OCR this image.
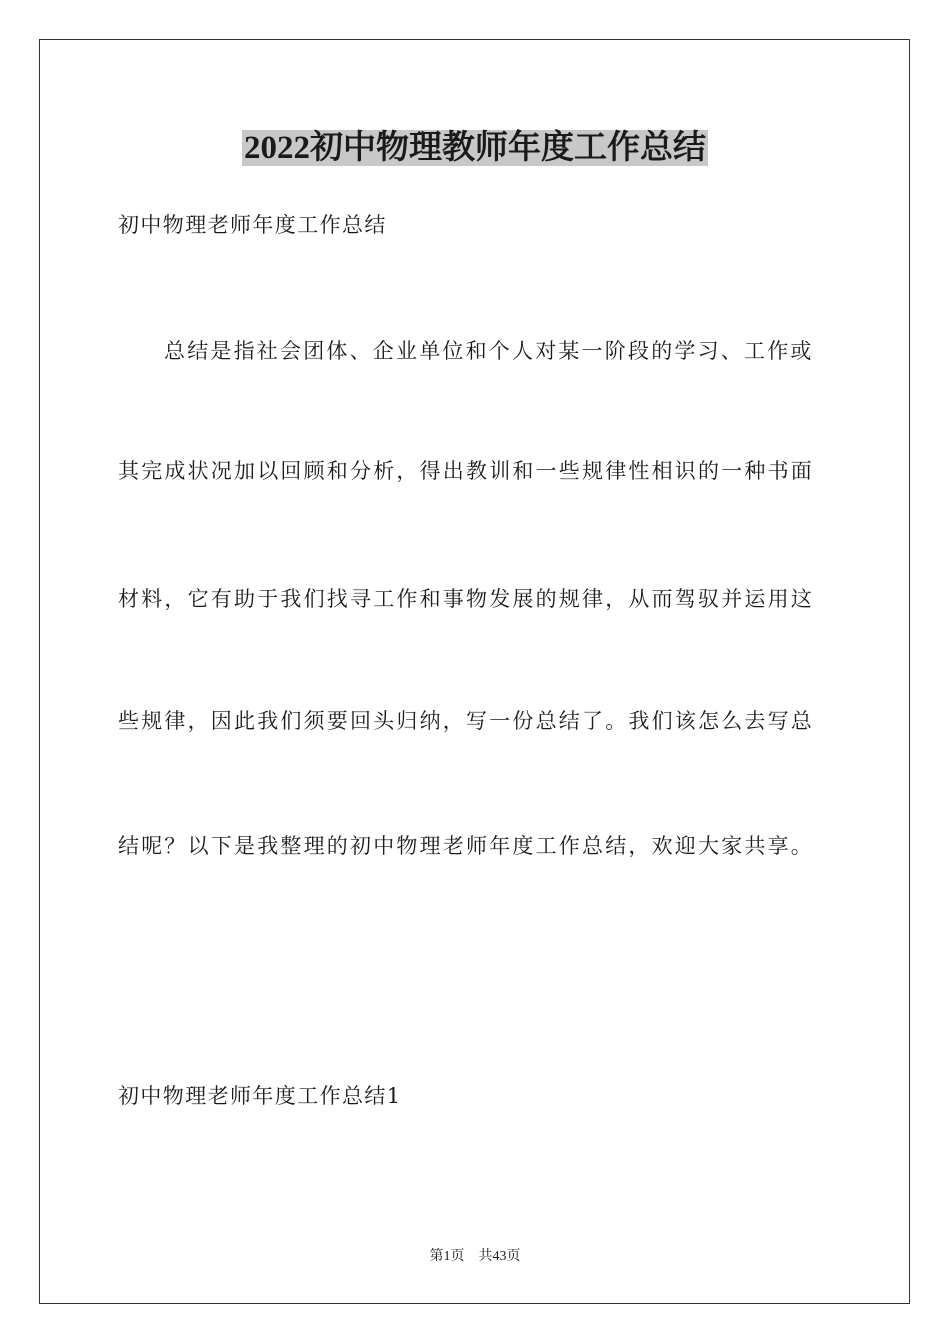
2022初中物理教师年度工作总结
初中物理老师年度工作总结
总结是指社会团体、企业单位和个人对某一阶段的学习、工作或
其完成状况加以回顾和分析，得出教训和一些规律性相识的一种书面
材料，它有助于我们找寻工作和事物发展的规律，从而驾驭并运用这
些规律，因此我们须要回头归纳，写一份总结了。我们该怎么去写总
结呢？以下是我整理的初中物理老师年度工作总结，欢迎大家共享。
初中物理老师年度工作总结1
第1页 共43页
